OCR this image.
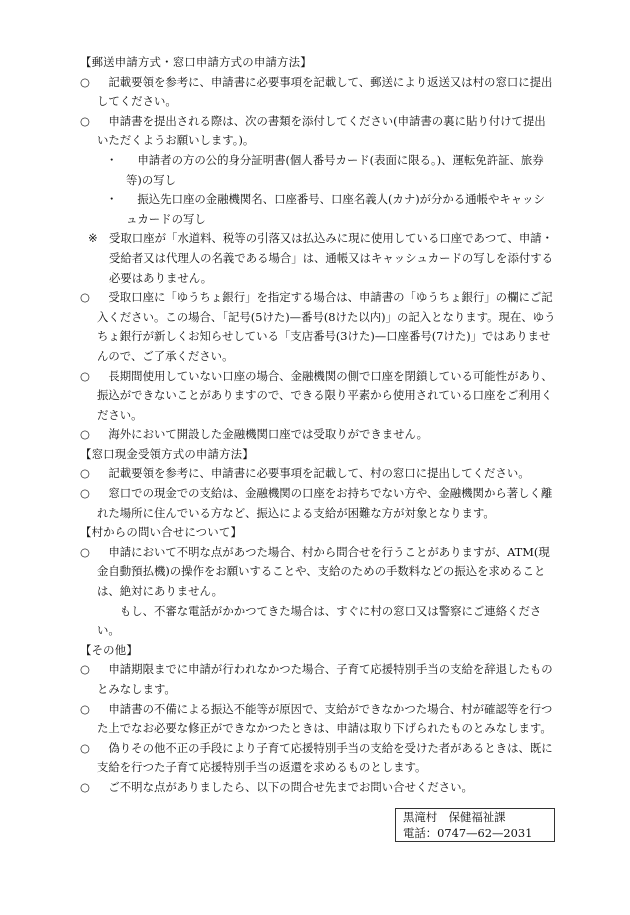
【郵送申請方式・窓口申請方式の申請方法】
○	記載要領を参考に、申請書に必要事項を記載して、郵送により返送又は村の窓口に提出してください。
○	申請書を提出される際は、次の書類を添付してください(申請書の裏に貼り付けて提出いただくようお願いします。)。
・	申請者の方の公的身分証明書(個人番号カード(表面に限る。)、運転免許証、旅券等)の写し
・	振込先口座の金融機関名、口座番号、口座名義人(カナ)が分かる通帳やキャッシュカードの写し
※ 受取口座が「水道料、税等の引落又は払込みに現に使用している口座であつて、申請・受給者又は代理人の名義である場合」は、通帳又はキャッシュカードの写しを添付する必要はありません。
○	受取口座に「ゆうちょ銀行」を指定する場合は、申請書の「ゆうちょ銀行」の欄にご記入ください。この場合、「記号(5けた)—番号(8けた以内)」の記入となります。現在、ゆうちょ銀行が新しくお知らせしている「支店番号(3けた)—口座番号(7けた)」ではありませんので、ご了承ください。
○	長期間使用していない口座の場合、金融機関の側で口座を閉鎖している可能性があり、振込ができないことがありますので、できる限り平素から使用されている口座をご利用ください。
○	海外において開設した金融機関口座では受取りができません。
【窓口現金受領方式の申請方法】
○	記載要領を参考に、申請書に必要事項を記載して、村の窓口に提出してください。
○	窓口での現金での支給は、金融機関の口座をお持ちでない方や、金融機関から著しく離れた場所に住んでいる方など、振込による支給が困難な方が対象となります。
【村からの問い合せについて】
○	申請において不明な点があつた場合、村から問合せを行うことがありますが、ATM(現金自動預払機)の操作をお願いすることや、支給のための手数料などの振込を求めることは、絶対にありません。
もし、不審な電話がかかつてきた場合は、すぐに村の窓口又は警察にご連絡ください。
【その他】
○	申請期限までに申請が行われなかつた場合、子育て応援特別手当の支給を辞退したものとみなします。
○	申請書の不備による振込不能等が原因で、支給ができなかつた場合、村が確認等を行つた上でなお必要な修正ができなかつたときは、申請は取り下げられたものとみなします。
○	偽りその他不正の手段により子育て応援特別手当の支給を受けた者があるときは、既に支給を行つた子育て応援特別手当の返還を求めるものとします。
○	ご不明な点がありましたら、以下の問合せ先までお問い合せください。
黒滝村　保健福祉課
電話：0747—62—2031
